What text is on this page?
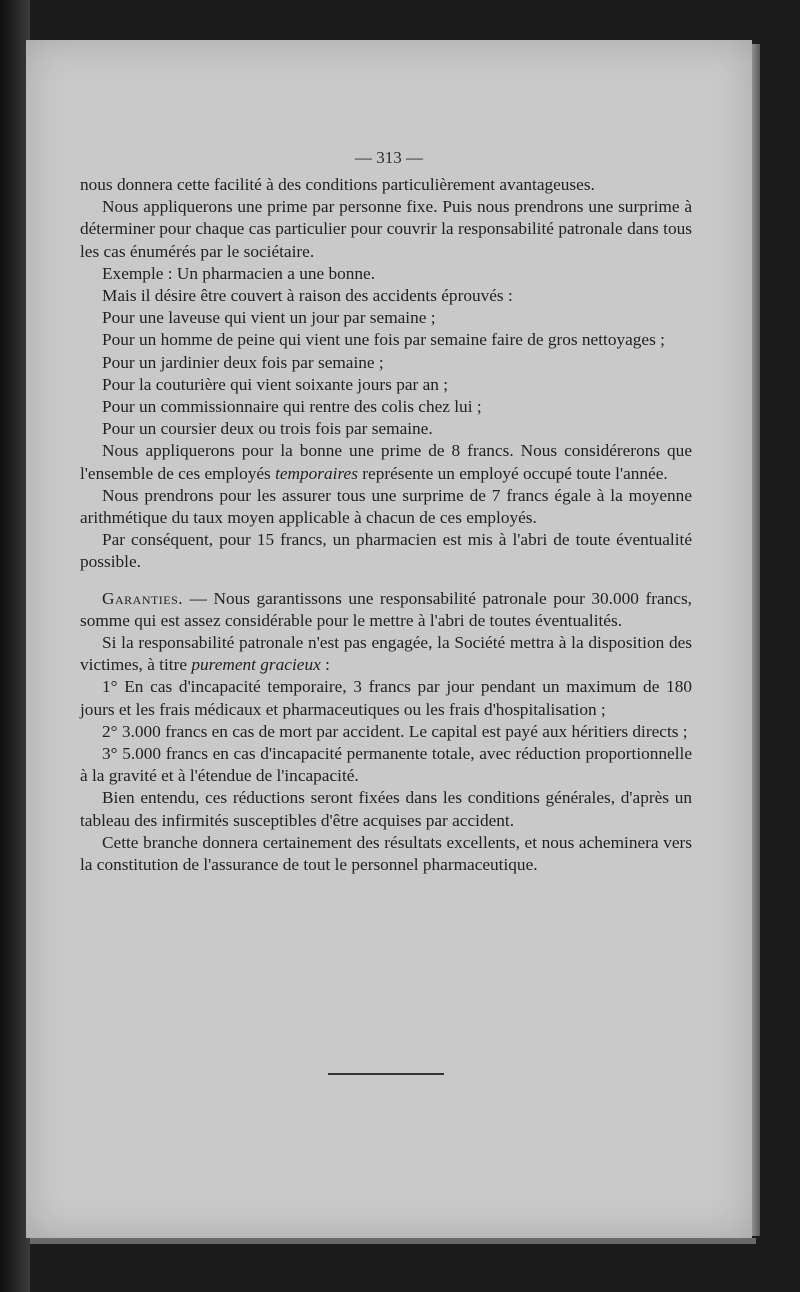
— 313 —

nous donnera cette facilité à des conditions particulièrement avantageuses.

Nous appliquerons une prime par personne fixe. Puis nous prendrons une surprime à déterminer pour chaque cas particulier pour couvrir la responsabilité patronale dans tous les cas énumérés par le sociétaire.

Exemple : Un pharmacien a une bonne.

Mais il désire être couvert à raison des accidents éprouvés :

Pour une laveuse qui vient un jour par semaine ;

Pour un homme de peine qui vient une fois par semaine faire de gros nettoyages ;

Pour un jardinier deux fois par semaine ;

Pour la couturière qui vient soixante jours par an ;

Pour un commissionnaire qui rentre des colis chez lui ;

Pour un coursier deux ou trois fois par semaine.

Nous appliquerons pour la bonne une prime de 8 francs. Nous considérerons que l'ensemble de ces employés temporaires représente un employé occupé toute l'année.

Nous prendrons pour les assurer tous une surprime de 7 francs égale à la moyenne arithmétique du taux moyen applicable à chacun de ces employés.

Par conséquent, pour 15 francs, un pharmacien est mis à l'abri de toute éventualité possible.

Garanties. — Nous garantissons une responsabilité patronale pour 30.000 francs, somme qui est assez considérable pour le mettre à l'abri de toutes éventualités.

Si la responsabilité patronale n'est pas engagée, la Société mettra à la disposition des victimes, à titre purement gracieux :

1° En cas d'incapacité temporaire, 3 francs par jour pendant un maximum de 180 jours et les frais médicaux et pharmaceutiques ou les frais d'hospitalisation ;

2° 3.000 francs en cas de mort par accident. Le capital est payé aux héritiers directs ;

3° 5.000 francs en cas d'incapacité permanente totale, avec réduction proportionnelle à la gravité et à l'étendue de l'incapacité.

Bien entendu, ces réductions seront fixées dans les conditions générales, d'après un tableau des infirmités susceptibles d'être acquises par accident.

Cette branche donnera certainement des résultats excellents, et nous acheminera vers la constitution de l'assurance de tout le personnel pharmaceutique.
